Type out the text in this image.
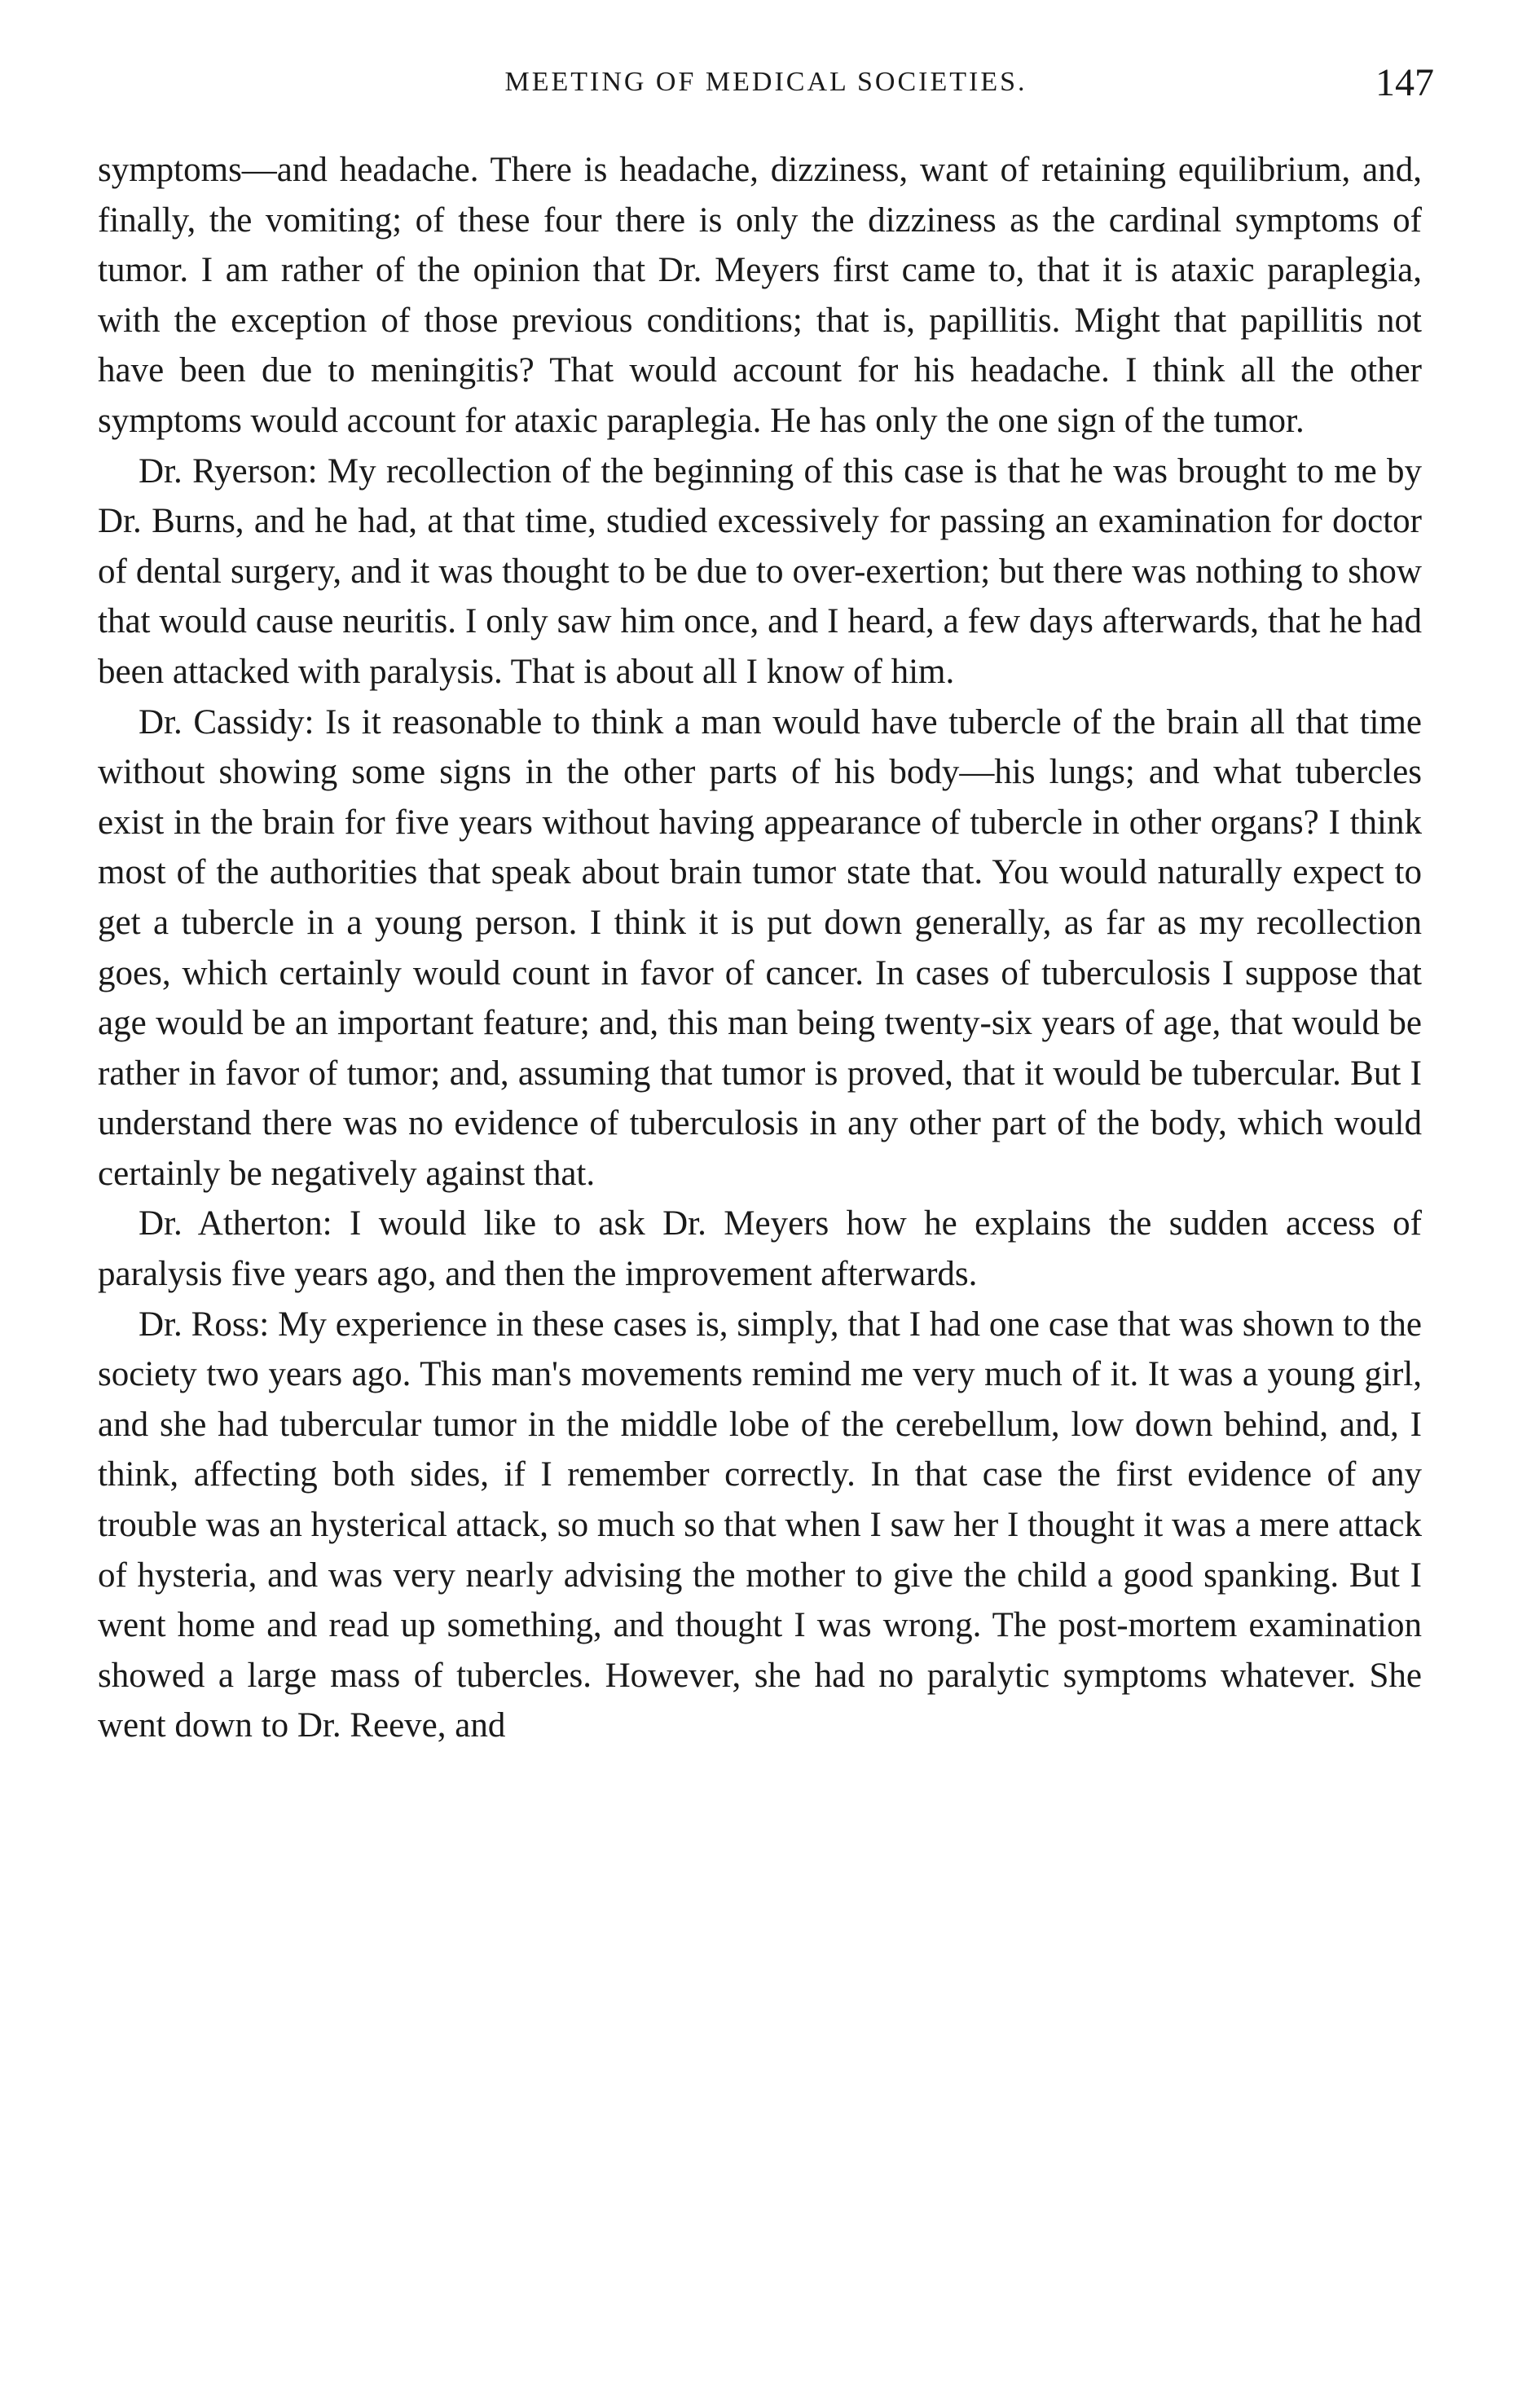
MEETING OF MEDICAL SOCIETIES.	147

symptoms—and headache. There is headache, dizziness, want of retaining equilibrium, and, finally, the vomiting; of these four there is only the dizziness as the cardinal symptoms of tumor. I am rather of the opinion that Dr. Meyers first came to, that it is ataxic paraplegia, with the exception of those previous conditions; that is, papillitis. Might that papillitis not have been due to meningitis? That would account for his headache. I think all the other symptoms would account for ataxic paraplegia. He has only the one sign of the tumor.

Dr. Ryerson: My recollection of the beginning of this case is that he was brought to me by Dr. Burns, and he had, at that time, studied excessively for passing an examination for doctor of dental surgery, and it was thought to be due to over-exertion; but there was nothing to show that would cause neuritis. I only saw him once, and I heard, a few days afterwards, that he had been attacked with paralysis. That is about all I know of him.

Dr. Cassidy: Is it reasonable to think a man would have tubercle of the brain all that time without showing some signs in the other parts of his body—his lungs; and what tubercles exist in the brain for five years without having appearance of tubercle in other organs? I think most of the authorities that speak about brain tumor state that. You would naturally expect to get a tubercle in a young person. I think it is put down generally, as far as my recollection goes, which certainly would count in favor of cancer. In cases of tuberculosis I suppose that age would be an important feature; and, this man being twenty-six years of age, that would be rather in favor of tumor; and, assuming that tumor is proved, that it would be tubercular. But I understand there was no evidence of tuberculosis in any other part of the body, which would certainly be negatively against that.

Dr. Atherton: I would like to ask Dr. Meyers how he explains the sudden access of paralysis five years ago, and then the improvement afterwards.

Dr. Ross: My experience in these cases is, simply, that I had one case that was shown to the society two years ago. This man's movements remind me very much of it. It was a young girl, and she had tubercular tumor in the middle lobe of the cerebellum, low down behind, and, I think, affecting both sides, if I remember correctly. In that case the first evidence of any trouble was an hysterical attack, so much so that when I saw her I thought it was a mere attack of hysteria, and was very nearly advising the mother to give the child a good spanking. But I went home and read up something, and thought I was wrong. The post-mortem examination showed a large mass of tubercles. However, she had no paralytic symptoms whatever. She went down to Dr. Reeve, and
